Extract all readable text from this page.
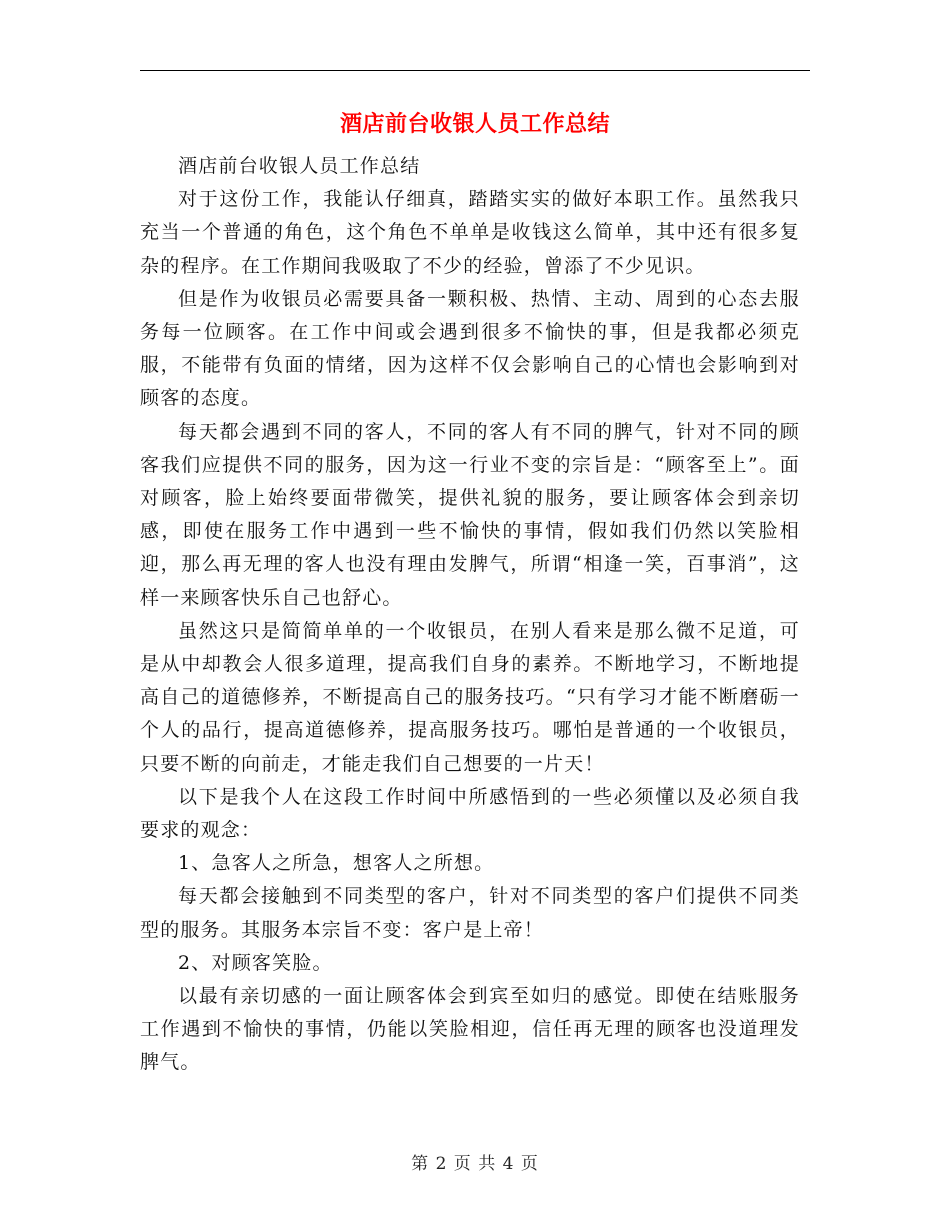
酒店前台收银人员工作总结

酒店前台收银人员工作总结

对于这份工作，我能认仔细真，踏踏实实的做好本职工作。虽然我只充当一个普通的角色，这个角色不单单是收钱这么简单，其中还有很多复杂的程序。在工作期间我吸取了不少的经验，曾添了不少见识。

但是作为收银员必需要具备一颗积极、热情、主动、周到的心态去服务每一位顾客。在工作中间或会遇到很多不愉快的事，但是我都必须克服，不能带有负面的情绪，因为这样不仅会影响自己的心情也会影响到对顾客的态度。

每天都会遇到不同的客人，不同的客人有不同的脾气，针对不同的顾客我们应提供不同的服务，因为这一行业不变的宗旨是：“顾客至上”。面对顾客，脸上始终要面带微笑，提供礼貌的服务，要让顾客体会到亲切感，即使在服务工作中遇到一些不愉快的事情，假如我们仍然以笑脸相迎，那么再无理的客人也没有理由发脾气，所谓“相逢一笑，百事消”，这样一来顾客快乐自己也舒心。

虽然这只是简简单单的一个收银员，在别人看来是那么微不足道，可是从中却教会人很多道理，提高我们自身的素养。不断地学习，不断地提高自己的道德修养，不断提高自己的服务技巧。“只有学习才能不断磨砺一个人的品行，提高道德修养，提高服务技巧。哪怕是普通的一个收银员，只要不断的向前走，才能走我们自己想要的一片天！

以下是我个人在这段工作时间中所感悟到的一些必须懂以及必须自我要求的观念：

1、急客人之所急，想客人之所想。

每天都会接触到不同类型的客户，针对不同类型的客户们提供不同类型的服务。其服务本宗旨不变：客户是上帝！

2、对顾客笑脸。

以最有亲切感的一面让顾客体会到宾至如归的感觉。即使在结账服务工作遇到不愉快的事情，仍能以笑脸相迎，信任再无理的顾客也没道理发脾气。

第 2 页 共 4 页
